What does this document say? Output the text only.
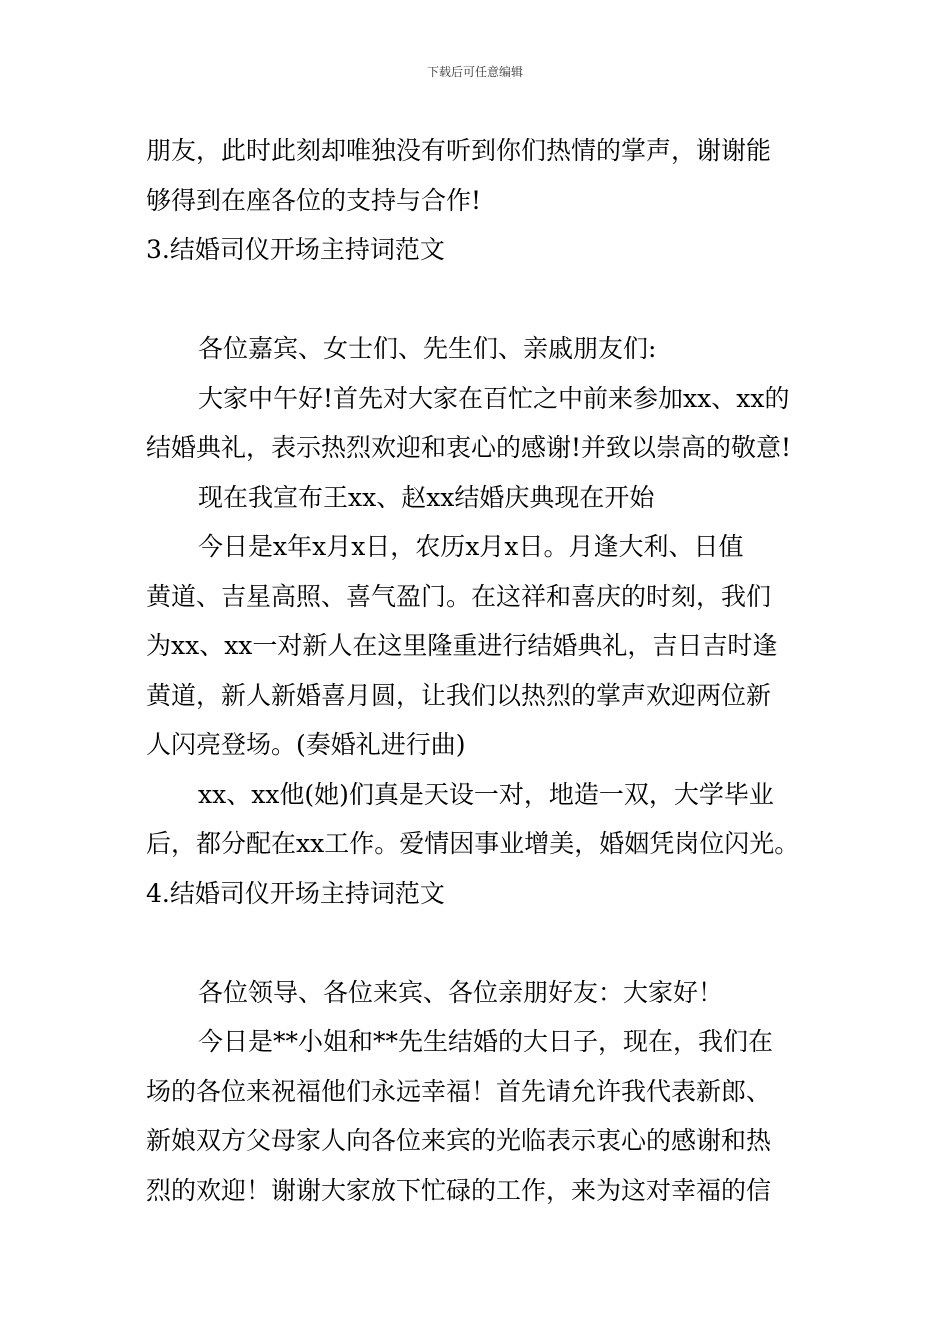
下载后可任意编辑
朋友，此时此刻却唯独没有听到你们热情的掌声，谢谢能
够得到在座各位的支持与合作!
3.结婚司仪开场主持词范文
各位嘉宾、女士们、先生们、亲戚朋友们:
大家中午好!首先对大家在百忙之中前来参加xx、xx的
结婚典礼，表示热烈欢迎和衷心的感谢!并致以崇高的敬意!
现在我宣布王xx、赵xx结婚庆典现在开始
今日是x年x月x日，农历x月x日。月逢大利、日值
黄道、吉星高照、喜气盈门。在这祥和喜庆的时刻，我们
为xx、xx一对新人在这里隆重进行结婚典礼，吉日吉时逢
黄道，新人新婚喜月圆，让我们以热烈的掌声欢迎两位新
人闪亮登场。(奏婚礼进行曲)
xx、xx他(她)们真是天设一对，地造一双，大学毕业
后，都分配在xx工作。爱情因事业增美，婚姻凭岗位闪光。
4.结婚司仪开场主持词范文
各位领导、各位来宾、各位亲朋好友：大家好！
今日是**小姐和**先生结婚的大日子，现在，我们在
场的各位来祝福他们永远幸福！首先请允许我代表新郎、
新娘双方父母家人向各位来宾的光临表示衷心的感谢和热
烈的欢迎！谢谢大家放下忙碌的工作，来为这对幸福的信
